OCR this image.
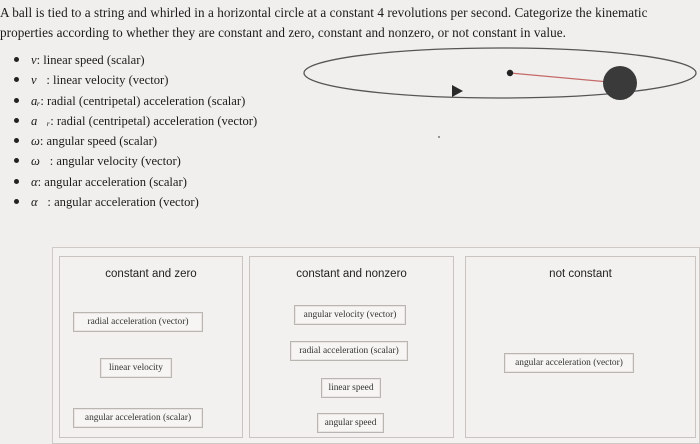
A ball is tied to a string and whirled in a horizontal circle at a constant 4 revolutions per second. Categorize the kinematic
properties according to whether they are constant and zero, constant and nonzero, or not constant in value.
v: linear speed (scalar)
v⃗: linear velocity (vector)
aᵣ: radial (centripetal) acceleration (scalar)
a⃗ᵣ: radial (centripetal) acceleration (vector)
ω: angular speed (scalar)
ω⃗: angular velocity (vector)
α: angular acceleration (scalar)
α⃗: angular acceleration (vector)
constant and zero
radial acceleration (vector)
linear velocity
angular acceleration (scalar)
constant and nonzero
angular velocity (vector)
radial acceleration (scalar)
linear speed
angular speed
not constant
angular acceleration (vector)
